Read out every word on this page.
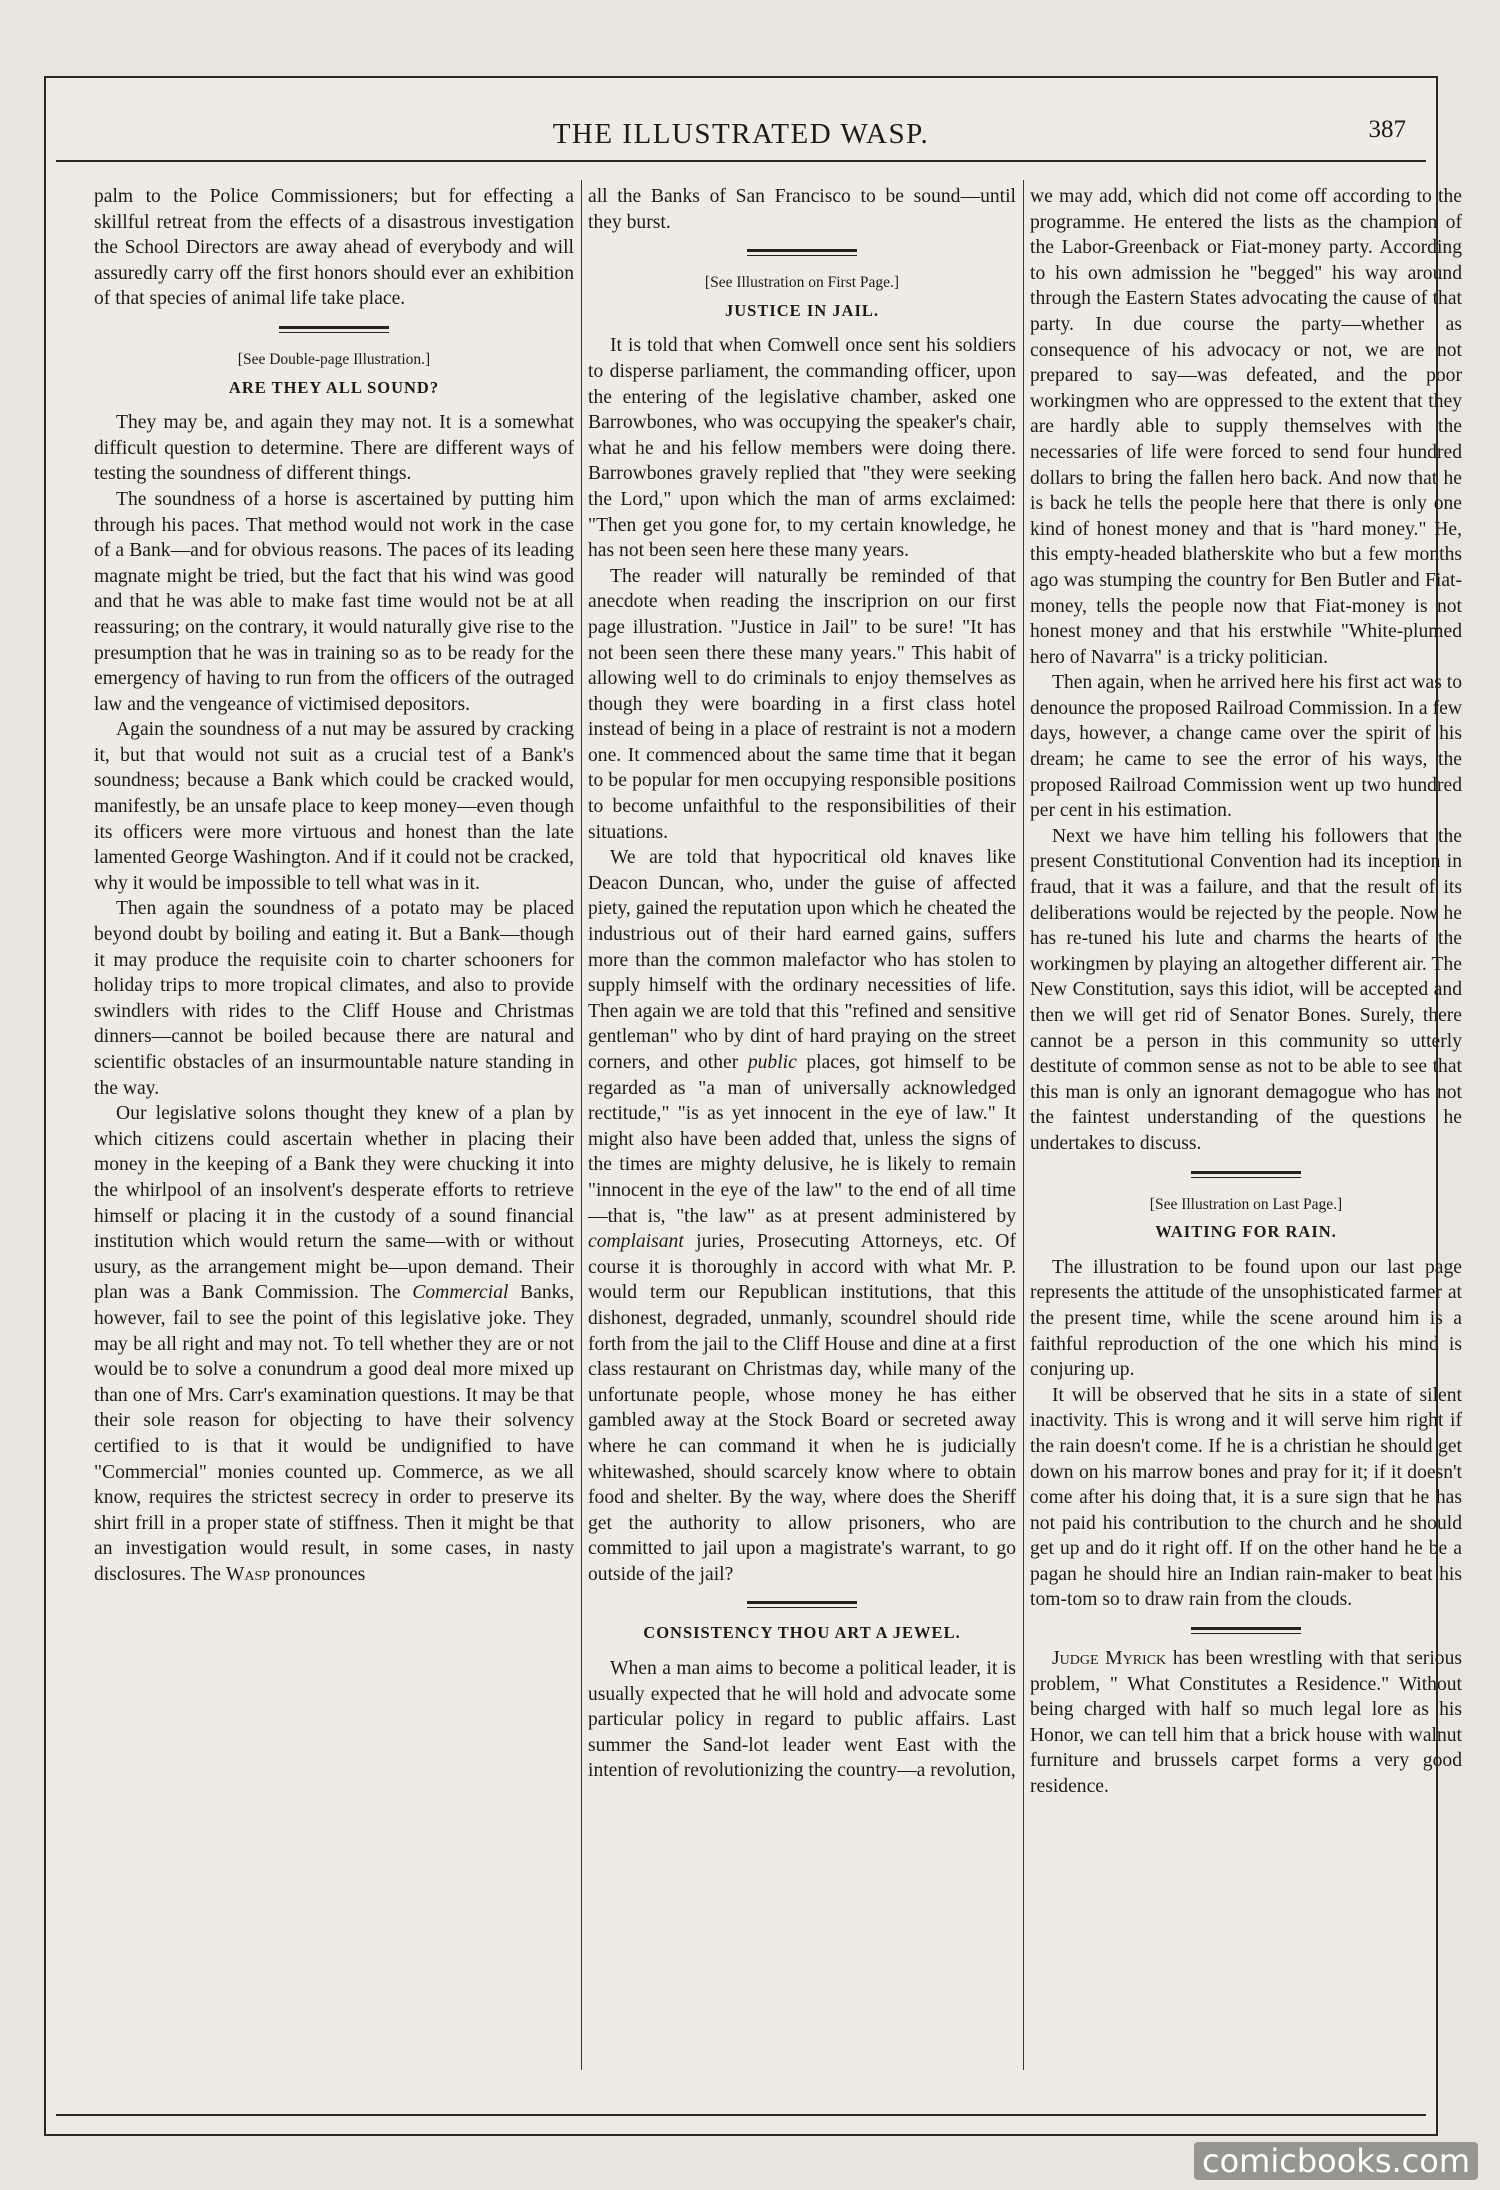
THE ILLUSTRATED WASP.	387

palm to the Police Commissioners; but for effecting a skillful retreat from the effects of a disastrous investigation the School Directors are away ahead of everybody and will assuredly carry off the first honors should ever an exhibition of that species of animal life take place.

[See Double-page Illustration.]

ARE THEY ALL SOUND?

They may be, and again they may not. It is a somewhat difficult question to determine. There are different ways of testing the soundness of different things.

The soundness of a horse is ascertained by putting him through his paces. That method would not work in the case of a Bank—and for obvious reasons. The paces of its leading magnate might be tried, but the fact that his wind was good and that he was able to make fast time would not be at all reassuring; on the contrary, it would naturally give rise to the presumption that he was in training so as to be ready for the emergency of having to run from the officers of the outraged law and the vengeance of victimised depositors.

Again the soundness of a nut may be assured by cracking it, but that would not suit as a crucial test of a Bank's soundness; because a Bank which could be cracked would, manifestly, be an unsafe place to keep money—even though its officers were more virtuous and honest than the late lamented George Washington. And if it could not be cracked, why it would be impossible to tell what was in it.

Then again the soundness of a potato may be placed beyond doubt by boiling and eating it. But a Bank—though it may produce the requisite coin to charter schooners for holiday trips to more tropical climates, and also to provide swindlers with rides to the Cliff House and Christmas dinners—cannot be boiled because there are natural and scientific obstacles of an insurmountable nature standing in the way.

Our legislative solons thought they knew of a plan by which citizens could ascertain whether in placing their money in the keeping of a Bank they were chucking it into the whirlpool of an insolvent's desperate efforts to retrieve himself or placing it in the custody of a sound financial institution which would return the same—with or without usury, as the arrangement might be—upon demand. Their plan was a Bank Commission. The Commercial Banks, however, fail to see the point of this legislative joke. They may be all right and may not. To tell whether they are or not would be to solve a conundrum a good deal more mixed up than one of Mrs. Carr's examination questions. It may be that their sole reason for objecting to have their solvency certified to is that it would be undignified to have "Commercial" monies counted up. Commerce, as we all know, requires the strictest secrecy in order to preserve its shirt frill in a proper state of stiffness. Then it might be that an investigation would result, in some cases, in nasty disclosures. The Wasp pronounces

all the Banks of San Francisco to be sound—until they burst.

[See Illustration on First Page.]

JUSTICE IN JAIL.

It is told that when Comwell once sent his soldiers to disperse parliament, the commanding officer, upon the entering of the legislative chamber, asked one Barrowbones, who was occupying the speaker's chair, what he and his fellow members were doing there. Barrowbones gravely replied that "they were seeking the Lord," upon which the man of arms exclaimed: "Then get you gone for, to my certain knowledge, he has not been seen here these many years.

The reader will naturally be reminded of that anecdote when reading the inscriprion on our first page illustration. "Justice in Jail" to be sure! "It has not been seen there these many years." This habit of allowing well to do criminals to enjoy themselves as though they were boarding in a first class hotel instead of being in a place of restraint is not a modern one. It commenced about the same time that it began to be popular for men occupying responsible positions to become unfaithful to the responsibilities of their situations.

We are told that hypocritical old knaves like Deacon Duncan, who, under the guise of affected piety, gained the reputation upon which he cheated the industrious out of their hard earned gains, suffers more than the common malefactor who has stolen to supply himself with the ordinary necessities of life. Then again we are told that this "refined and sensitive gentleman" who by dint of hard praying on the street corners, and other public places, got himself to be regarded as "a man of universally acknowledged rectitude," "is as yet innocent in the eye of law." It might also have been added that, unless the signs of the times are mighty delusive, he is likely to remain "innocent in the eye of the law" to the end of all time—that is, "the law" as at present administered by complaisant juries, Prosecuting Attorneys, etc. Of course it is thoroughly in accord with what Mr. P. would term our Republican institutions, that this dishonest, degraded, unmanly, scoundrel should ride forth from the jail to the Cliff House and dine at a first class restaurant on Christmas day, while many of the unfortunate people, whose money he has either gambled away at the Stock Board or secreted away where he can command it when he is judicially whitewashed, should scarcely know where to obtain food and shelter. By the way, where does the Sheriff get the authority to allow prisoners, who are committed to jail upon a magistrate's warrant, to go outside of the jail?

CONSISTENCY THOU ART A JEWEL.

When a man aims to become a political leader, it is usually expected that he will hold and advocate some particular policy in regard to public affairs. Last summer the Sand-lot leader went East with the intention of revolutionizing the country—a revolution,

we may add, which did not come off according to the programme. He entered the lists as the champion of the Labor-Greenback or Fiat-money party. According to his own admission he "begged" his way around through the Eastern States advocating the cause of that party. In due course the party—whether as consequence of his advocacy or not, we are not prepared to say—was defeated, and the poor workingmen who are oppressed to the extent that they are hardly able to supply themselves with the necessaries of life were forced to send four hundred dollars to bring the fallen hero back. And now that he is back he tells the people here that there is only one kind of honest money and that is "hard money." He, this empty-headed blatherskite who but a few months ago was stumping the country for Ben Butler and Fiat-money, tells the people now that Fiat-money is not honest money and that his erstwhile "White-plumed hero of Navarra" is a tricky politician.

Then again, when he arrived here his first act was to denounce the proposed Railroad Commission. In a few days, however, a change came over the spirit of his dream; he came to see the error of his ways, the proposed Railroad Commission went up two hundred per cent in his estimation.

Next we have him telling his followers that the present Constitutional Convention had its inception in fraud, that it was a failure, and that the result of its deliberations would be rejected by the people. Now he has re-tuned his lute and charms the hearts of the workingmen by playing an altogether different air. The New Constitution, says this idiot, will be accepted and then we will get rid of Senator Bones. Surely, there cannot be a person in this community so utterly destitute of common sense as not to be able to see that this man is only an ignorant demagogue who has not the faintest understanding of the questions he undertakes to discuss.

[See Illustration on Last Page.]

WAITING FOR RAIN.

The illustration to be found upon our last page represents the attitude of the unsophisticated farmer at the present time, while the scene around him is a faithful reproduction of the one which his mind is conjuring up.

It will be observed that he sits in a state of silent inactivity. This is wrong and it will serve him right if the rain doesn't come. If he is a christian he should get down on his marrow bones and pray for it; if it doesn't come after his doing that, it is a sure sign that he has not paid his contribution to the church and he should get up and do it right off. If on the other hand he be a pagan he should hire an Indian rain-maker to beat his tom-tom so to draw rain from the clouds.

Judge Myrick has been wrestling with that serious problem, " What Constitutes a Residence." Without being charged with half so much legal lore as his Honor, we can tell him that a brick house with walnut furniture and brussels carpet forms a very good residence.

comicbooks.com
